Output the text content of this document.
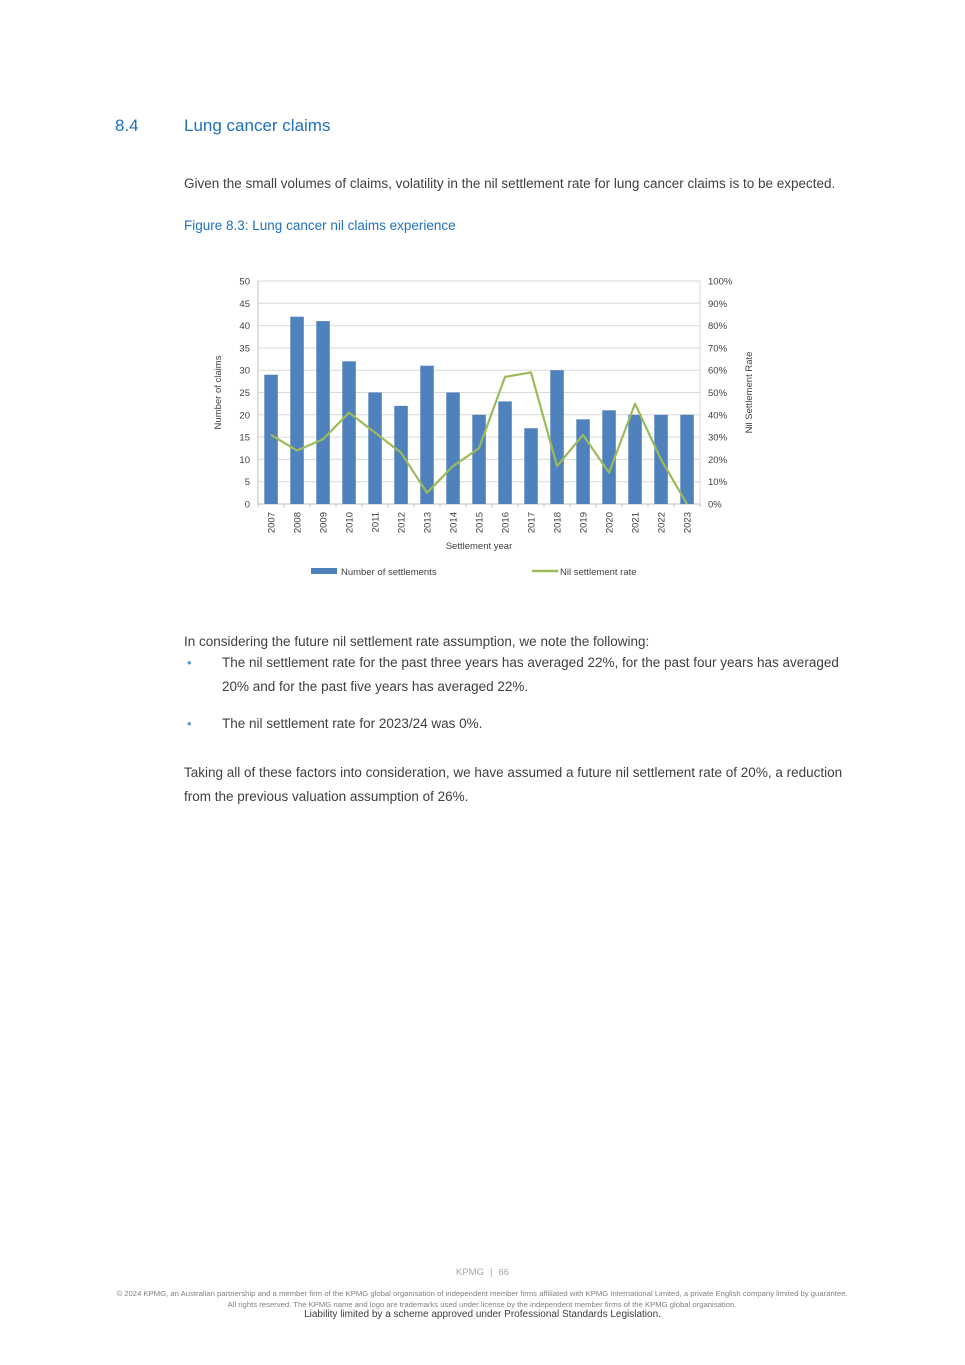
8.4	Lung cancer claims

Given the small volumes of claims, volatility in the nil settlement rate for lung cancer claims is to be expected.

Figure 8.3: Lung cancer nil claims experience
0
5
10
15
20
25
30
35
40
45
50
0%
10%
20%
30%
40%
50%
60%
70%
80%
90%
100%
2007 2008 2009 2010 2011 2012 2013 2014 2015 2016 2017 2018 2019 2020 2021 2022 2023
Number of claims	Nil Settlement Rate
Settlement year
Number of settlements	Nil settlement rate

In considering the future nil settlement rate assumption, we note the following:

•	The nil settlement rate for the past three years has averaged 22%, for the past four years has averaged 20% and for the past five years has averaged 22%.
•	The nil settlement rate for 2023/24 was 0%.

Taking all of these factors into consideration, we have assumed a future nil settlement rate of 20%, a reduction from the previous valuation assumption of 26%.

KPMG | 66
© 2024 KPMG, an Australian partnership and a member firm of the KPMG global organisation of independent member firms affiliated with KPMG International Limited, a private English company limited by guarantee. All rights reserved. The KPMG name and logo are trademarks used under license by the independent member firms of the KPMG global organisation.
Liability limited by a scheme approved under Professional Standards Legislation.
